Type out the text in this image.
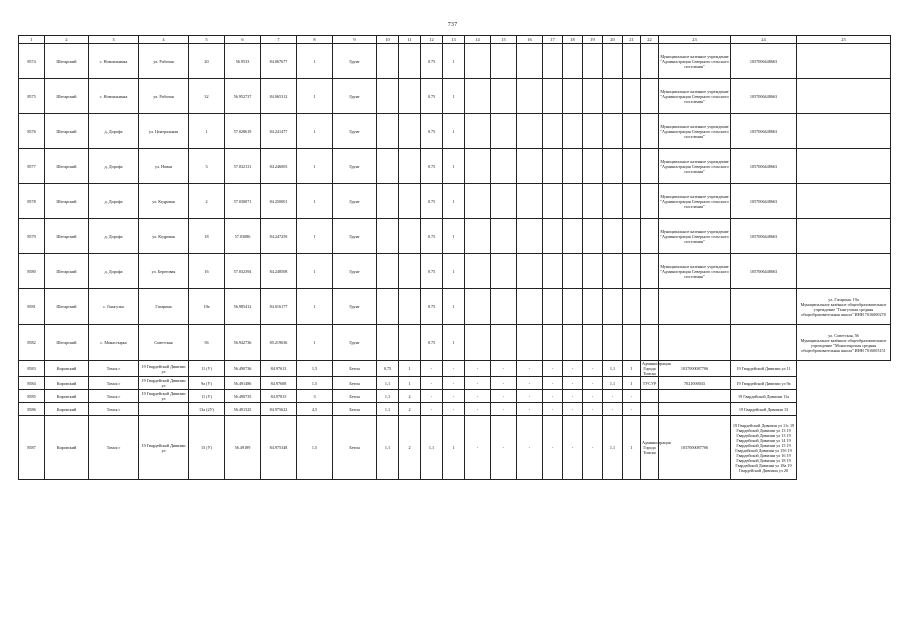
737
1	2	3	4	5	6	7	8	9	10	11	12	13	14	15	16	17	18	19	20	21	22	23	24	25
8574	Шегарский	с. Новоильинка	ул. Рабочая	20	56.9533	84.067677	1	Грунт			0.75	1										Муниципальное казенное учреждение "Администрация Северного сельского поселения"	1057006448663	
8575	Шегарский	с. Новоильинка	ул. Рабочая	32	56.952737	84.065312	1	Грунт			0.75	1										Муниципальное казенное учреждение "Администрация Северного сельского поселения"	1057006448663	
8576	Шегарский	д. Дорофа	ул. Центральная	1	57.028619	84.241477	1	Грунт			0.75	1										Муниципальное казенное учреждение "Администрация Северного сельского поселения"	1057006448663	
8577	Шегарский	д. Дорофа	ул. Новая	3	57.032131	84.246003	1	Грунт			0.75	1										Муниципальное казенное учреждение "Администрация Северного сельского поселения"	1057006448663	
8578	Шегарский	д. Дорофа	ул. Кедровая	2	57.030071	84.250001	1	Грунт			0.75	1										Муниципальное казенное учреждение "Администрация Северного сельского поселения"	1057006448663	
8579	Шегарский	д. Дорофа	ул. Кедровая	18	57.03086	84.247259	1	Грунт			0.75	1										Муниципальное казенное учреждение "Администрация Северного сельского поселения"	1057006448663	
8580	Шегарский	д. Дорофа	ул. Береговая	16	57.032394	84.248508	1	Грунт			0.75	1										Муниципальное казенное учреждение "Администрация Северного сельского поселения"	1057006448663	
8581	Шегарский	с. Гынгузка	Гагарина	19а	56.985412	84.016177	1	Грунт			0.75	1												ул. Гагарина, 19а
Муниципальное казённое общеобразовательное учреждение "Гынгузская средняя общеобразовательная школа" ИНН 7016000278
8582	Шегарский	с. Монастырка	Советская	56	56.942736	85.219636	1	Грунт			0.75	1												ул. Советская, 56
Муниципальное казённое общеобразовательное учреждение "Монастырская средняя общеобразовательная школа" ИНН 7016003151
8583	Кировский	Томск г	19 Гвардейской Дивизии ул	11 (У)	56.490736	84.97613	1,5	Бетон	0,75	1	-	-	-	-	-	-	-	-	1,1	1	Администрация Города Томска	1037000087706	19 Гвардейской Дивизии ул 11	
8584	Кировский	Томск г	19 Гвардейской Дивизии ул	9а (У)	56.491486	84.97608	1,5	Бетон	1,1	1	-	-	-	-	-	-	-	-	1,1	1	ТУСУР	7021000043	19 Гвардейской Дивизии ул 9а	
8585	Кировский	Томск г	19 Гвардейской Дивизии ул	11 (У)	56.490735	84.97815	3	Бетон	1,1	2	-	-	-	-	-	-	-	-	-	-			19 Гвардейской Дивизии 11а	
8586	Кировский	Томск г		13а (2У)	56.491325	84.975622	4,5	Бетон	1,1	2	-	-	-	-	-	-	-	-	-	-			19 Гвардейской Дивизии 13	
8587	Кировский	Томск г	19 Гвардейской Дивизии ул	15 (У)	56.49189	84.975348	1,5	Бетон	1,1	2	1,1	1	-	-	-	-	-	-	1,1	1	Администрация Города Томска	1037000087706	19 Гвардейской Дивизии ул 11с 19 Гвардейской Дивизии ул 13 19 Гвардейской Дивизии ул 13 19 Гвардейской Дивизии ул 14 19 Гвардейской Дивизии ул 15 19 Гвардейской Дивизии ул 15б 19 Гвардейской Дивизии ул 16 19 Гвардейской Дивизии ул 18 19 Гвардейской Дивизии ул 18а 19 Гвардейской Дивизии ул 20	
